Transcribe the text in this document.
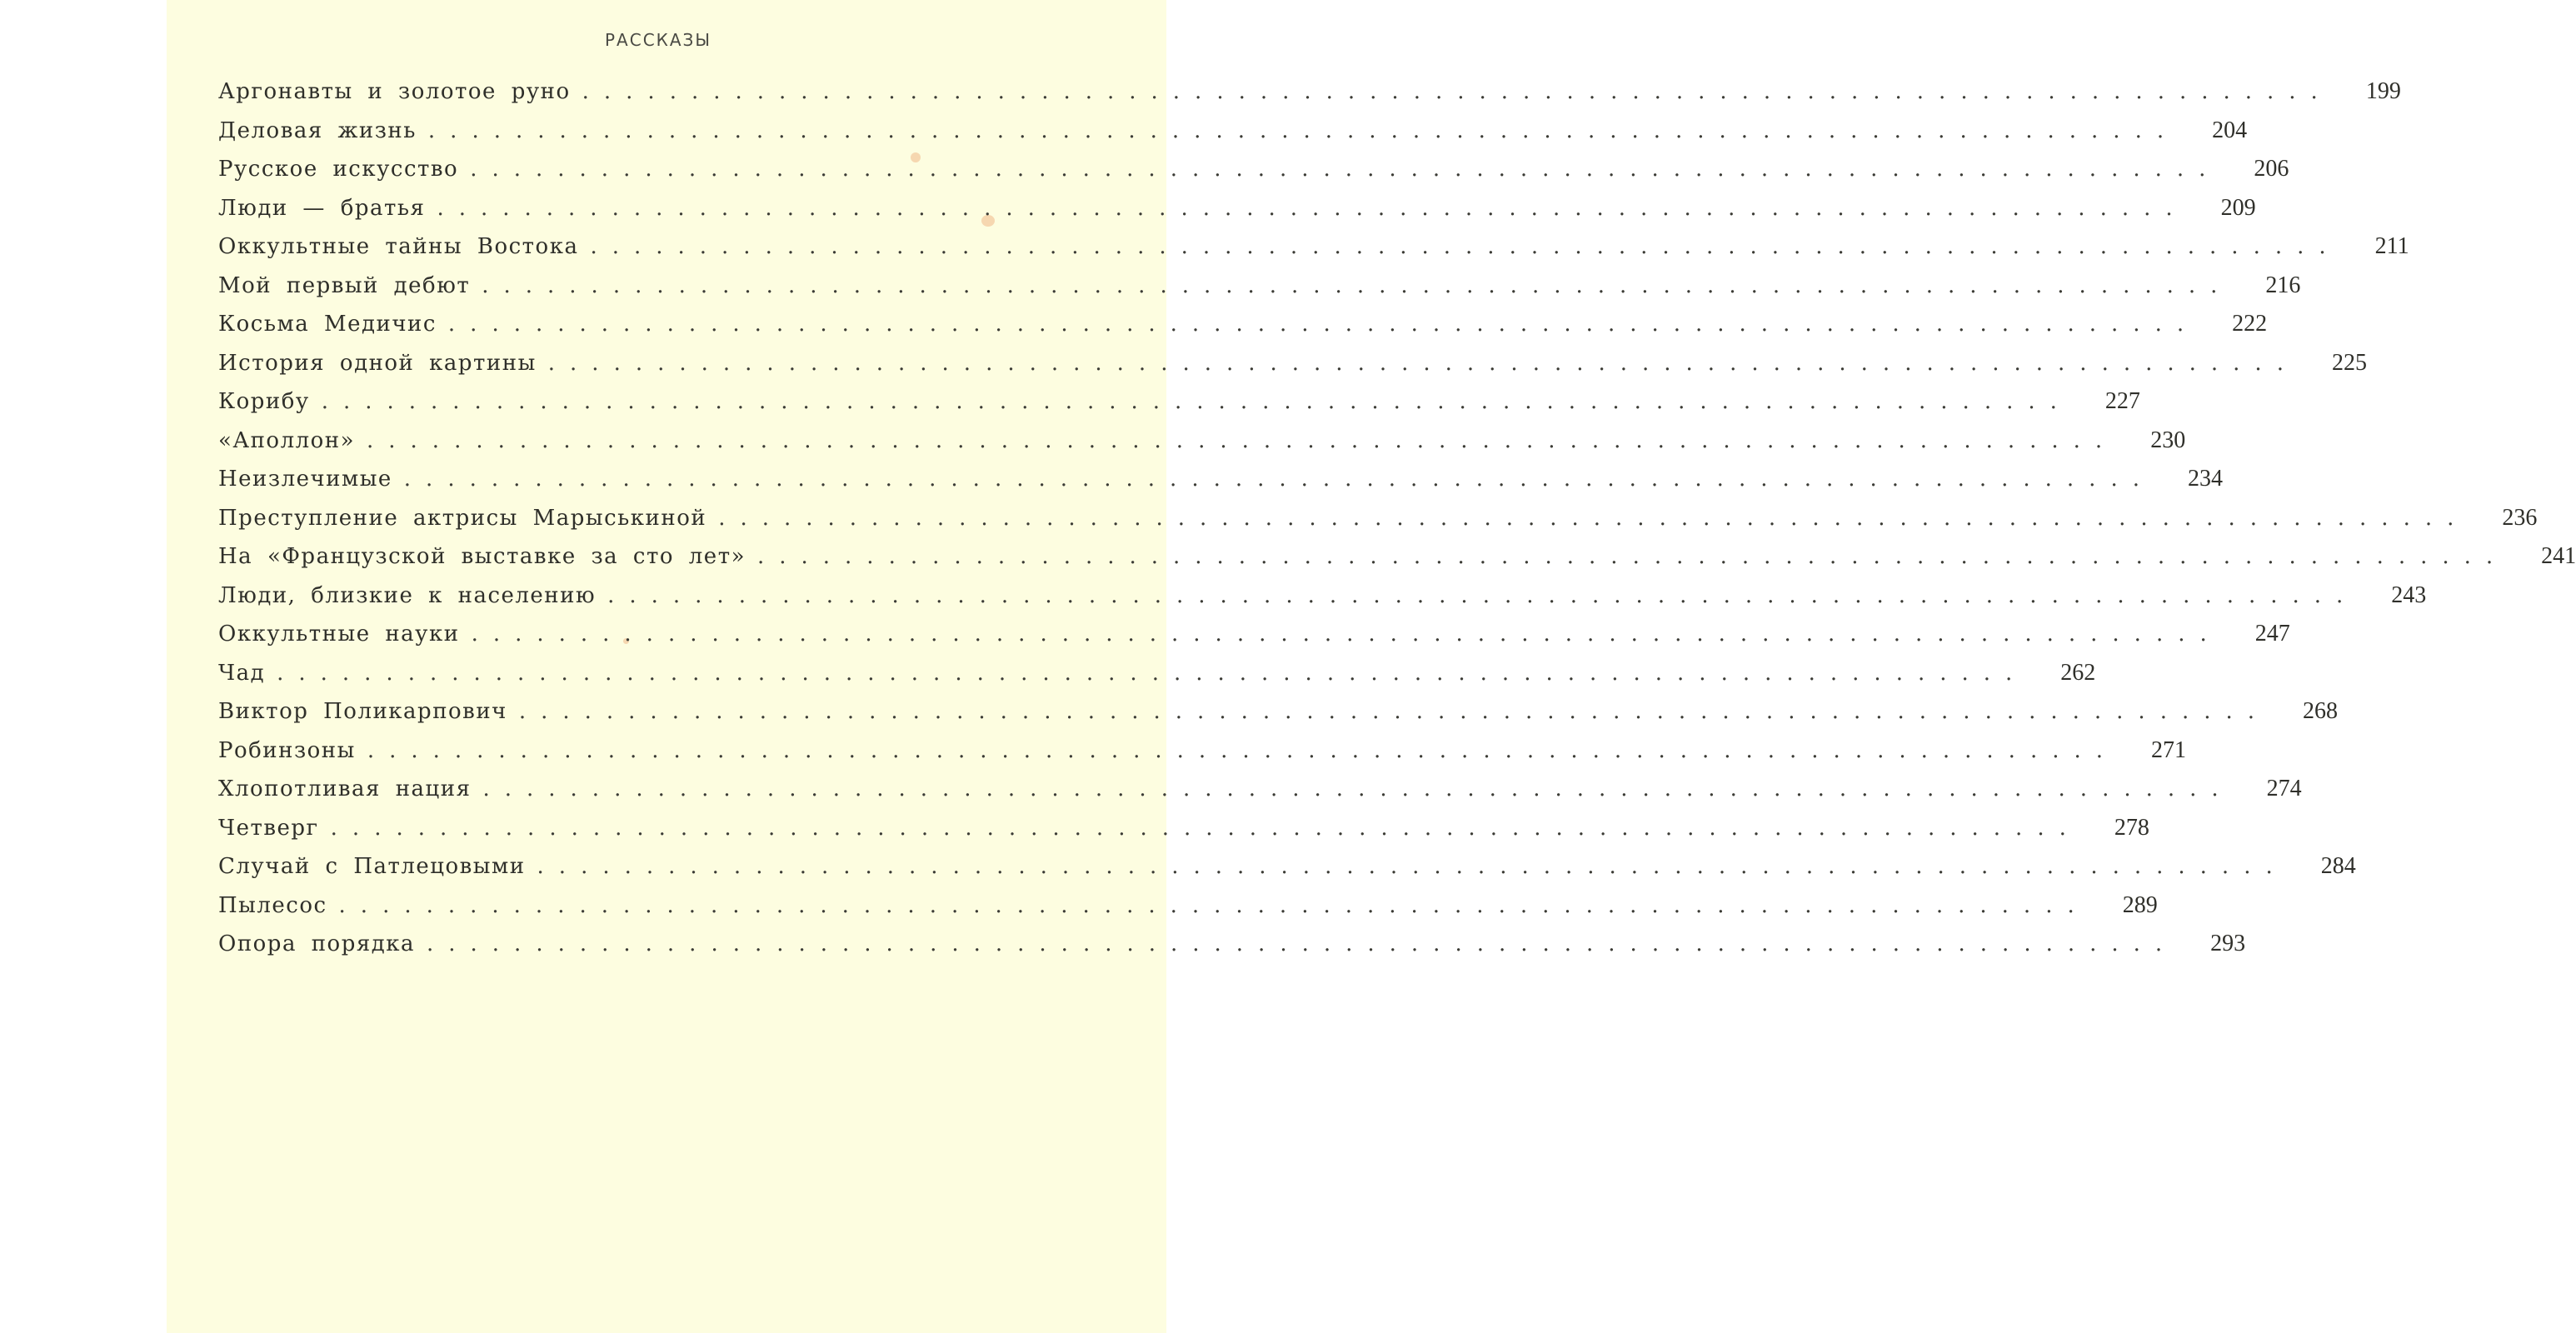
РАССКАЗЫ
Аргонавты и золотое руно ................................................................................	199
Деловая жизнь ................................................................................	204
Русское искусство ................................................................................	206
Люди — братья ................................................................................	209
Оккультные тайны Востока ................................................................................	211
Мой первый дебют ................................................................................	216
Косьма Медичис ................................................................................	222
История одной картины ................................................................................	225
Корибу ................................................................................	227
«Аполлон» ................................................................................	230
Неизлечимые ................................................................................	234
Преступление актрисы Марыськиной ................................................................................	236
На «Французской выставке за сто лет» ................................................................................	241
Люди, близкие к населению ................................................................................	243
Оккультные науки ................................................................................	247
Чад ................................................................................	262
Виктор Поликарпович ................................................................................	268
Робинзоны ................................................................................	271
Хлопотливая нация ................................................................................	274
Четверг ................................................................................	278
Случай с Патлецовыми ................................................................................	284
Пылесос ................................................................................	289
Опора порядка ................................................................................	293
